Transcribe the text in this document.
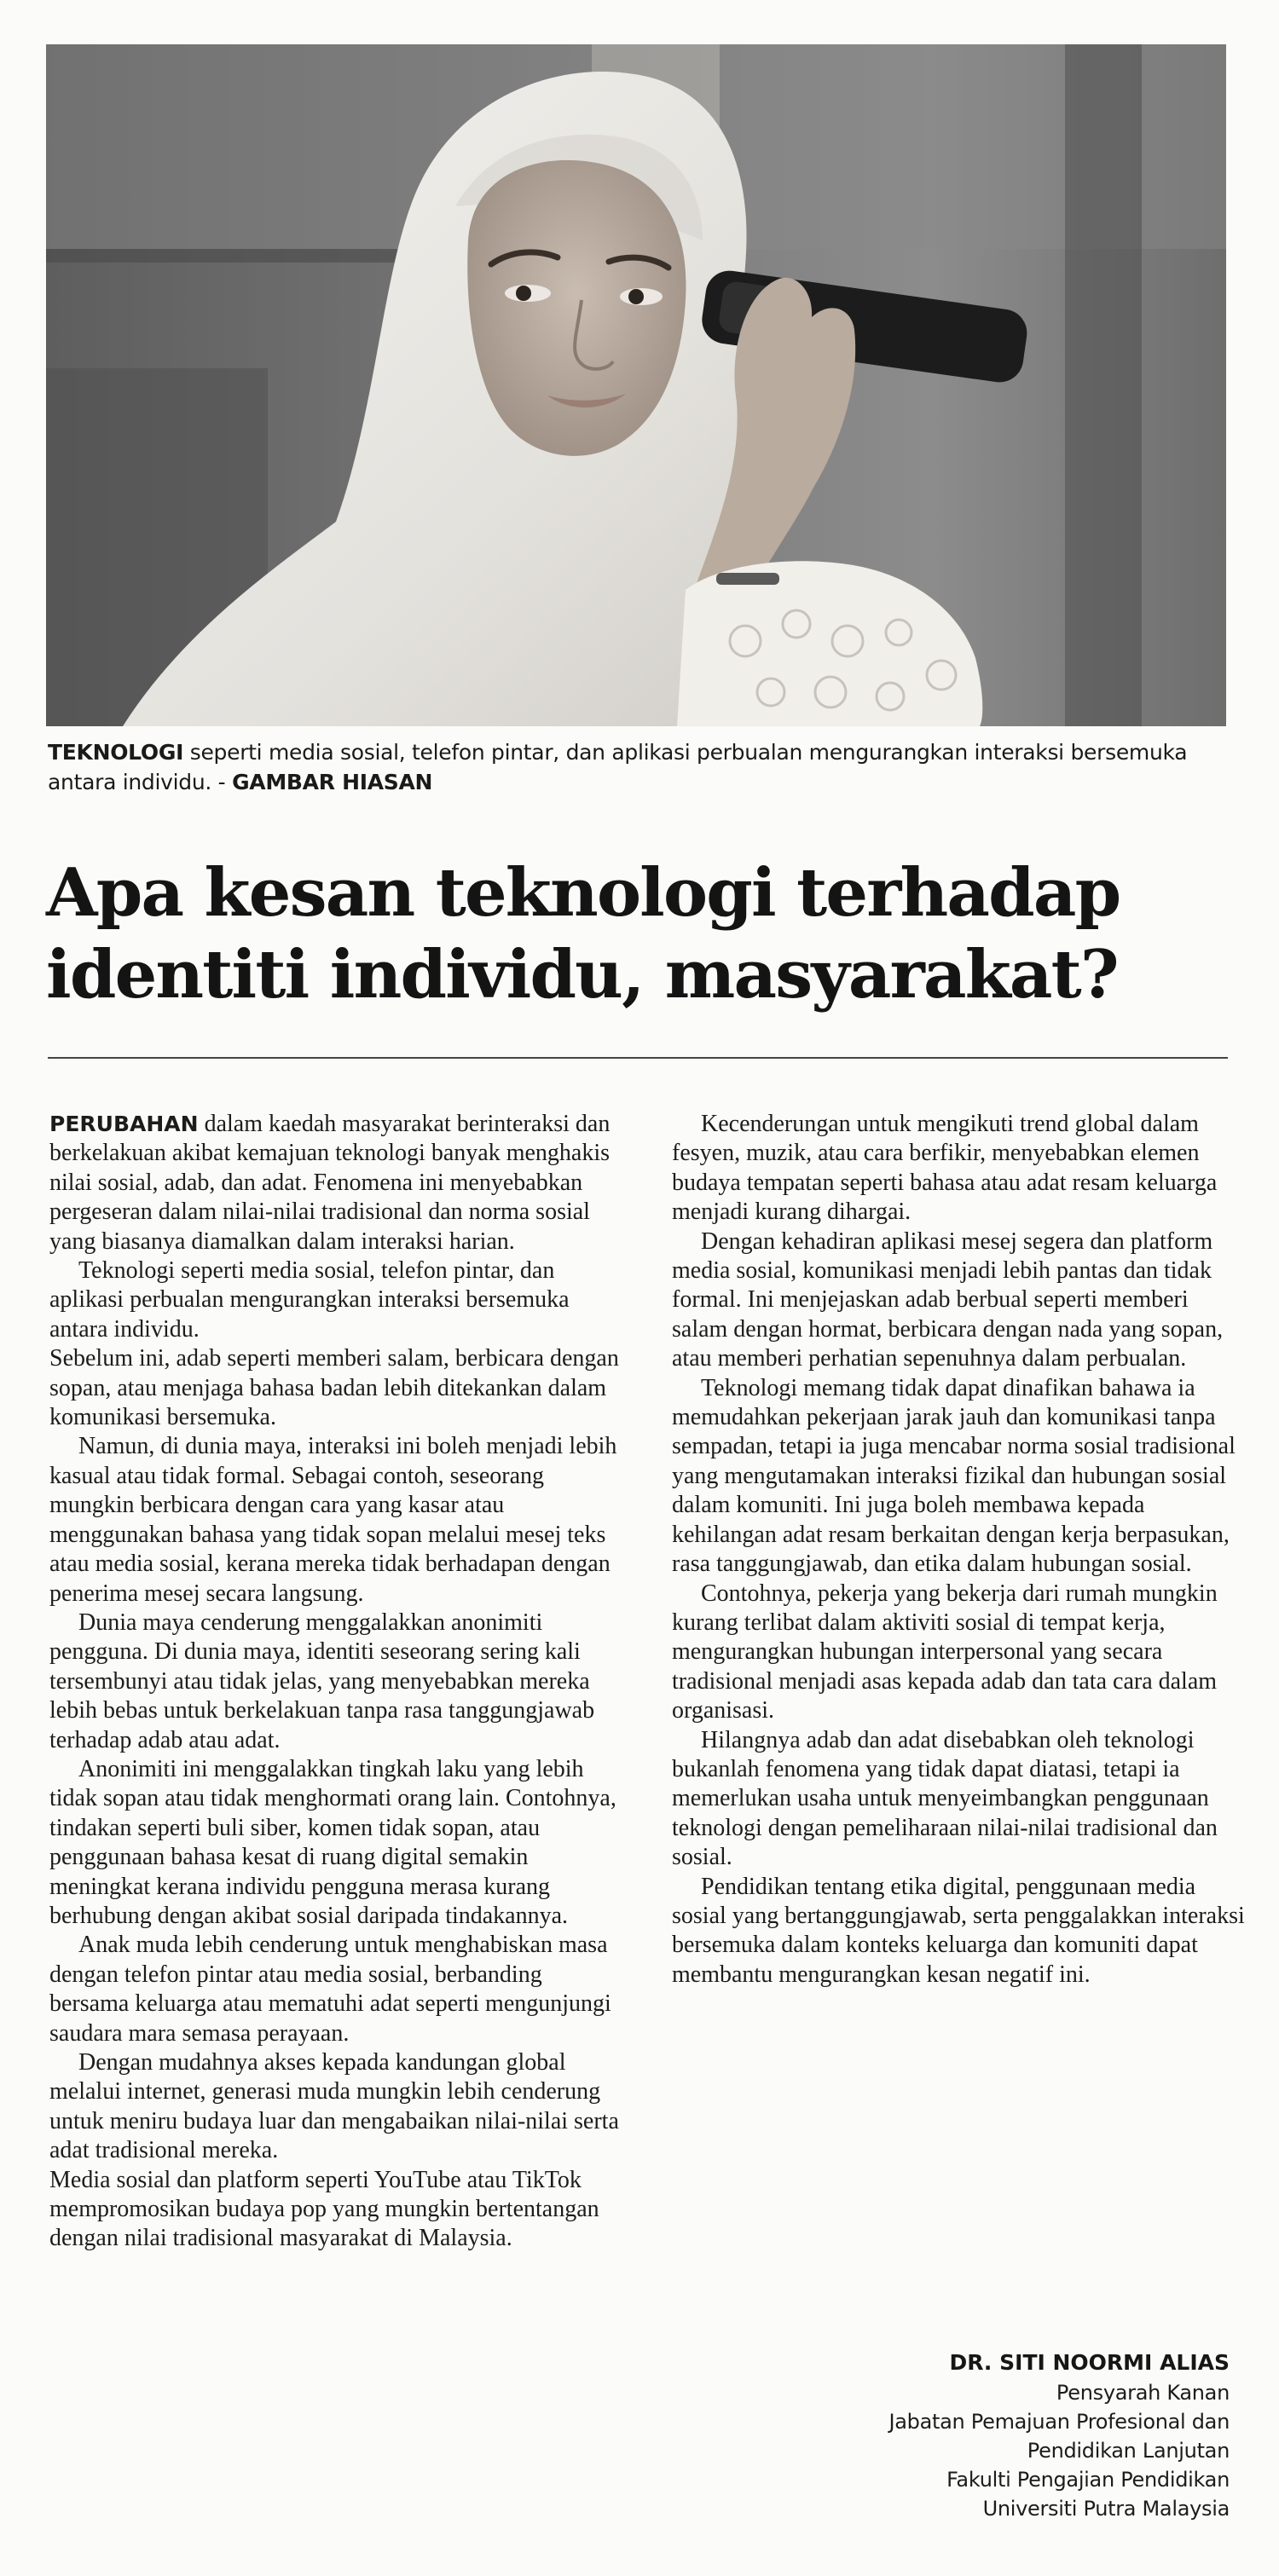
TEKNOLOGI seperti media sosial, telefon pintar, dan aplikasi perbualan mengurangkan interaksi bersemuka antara individu. - GAMBAR HIASAN
Apa kesan teknologi terhadap
identiti individu, masyarakat?

PERUBAHAN dalam kaedah masyarakat berinteraksi dan berkelakuan akibat kemajuan teknologi banyak menghakis nilai sosial, adab, dan adat. Fenomena ini menyebabkan pergeseran dalam nilai-nilai tradisional dan norma sosial yang biasanya diamalkan dalam interaksi harian.

Teknologi seperti media sosial, telefon pintar, dan aplikasi perbualan mengurangkan interaksi bersemuka antara individu.

Sebelum ini, adab seperti memberi salam, berbicara dengan sopan, atau menjaga bahasa badan lebih ditekankan dalam komunikasi bersemuka.

Namun, di dunia maya, interaksi ini boleh menjadi lebih kasual atau tidak formal. Sebagai contoh, seseorang mungkin berbicara dengan cara yang kasar atau menggunakan bahasa yang tidak sopan melalui mesej teks atau media sosial, kerana mereka tidak berhadapan dengan penerima mesej secara langsung.

Dunia maya cenderung menggalakkan anonimiti pengguna. Di dunia maya, identiti seseorang sering kali tersembunyi atau tidak jelas, yang menyebabkan mereka lebih bebas untuk berkelakuan tanpa rasa tanggungjawab terhadap adab atau adat.

Anonimiti ini menggalakkan tingkah laku yang lebih tidak sopan atau tidak menghormati orang lain. Contohnya, tindakan seperti buli siber, komen tidak sopan, atau penggunaan bahasa kesat di ruang digital semakin meningkat kerana individu pengguna merasa kurang berhubung dengan akibat sosial daripada tindakannya.

Anak muda lebih cenderung untuk menghabiskan masa dengan telefon pintar atau media sosial, berbanding bersama keluarga atau mematuhi adat seperti mengunjungi saudara mara semasa perayaan.

Dengan mudahnya akses kepada kandungan global melalui internet, generasi muda mungkin lebih cenderung untuk meniru budaya luar dan mengabaikan nilai-nilai serta adat tradisional mereka.

Media sosial dan platform seperti YouTube atau TikTok mempromosikan budaya pop yang mungkin bertentangan dengan nilai tradisional masyarakat di Malaysia.

Kecenderungan untuk mengikuti trend global dalam fesyen, muzik, atau cara berfikir, menyebabkan elemen budaya tempatan seperti bahasa atau adat resam keluarga menjadi kurang dihargai.

Dengan kehadiran aplikasi mesej segera dan platform media sosial, komunikasi menjadi lebih pantas dan tidak formal. Ini menjejaskan adab berbual seperti memberi salam dengan hormat, berbicara dengan nada yang sopan, atau memberi perhatian sepenuhnya dalam perbualan.

Teknologi memang tidak dapat dinafikan bahawa ia memudahkan pekerjaan jarak jauh dan komunikasi tanpa sempadan, tetapi ia juga mencabar norma sosial tradisional yang mengutamakan interaksi fizikal dan hubungan sosial dalam komuniti. Ini juga boleh membawa kepada kehilangan adat resam berkaitan dengan kerja berpasukan, rasa tanggungjawab, dan etika dalam hubungan sosial.

Contohnya, pekerja yang bekerja dari rumah mungkin kurang terlibat dalam aktiviti sosial di tempat kerja, mengurangkan hubungan interpersonal yang secara tradisional menjadi asas kepada adab dan tata cara dalam organisasi.

Hilangnya adab dan adat disebabkan oleh teknologi bukanlah fenomena yang tidak dapat diatasi, tetapi ia memerlukan usaha untuk menyeimbangkan penggunaan teknologi dengan pemeliharaan nilai-nilai tradisional dan sosial.

Pendidikan tentang etika digital, penggunaan media sosial yang bertanggungjawab, serta penggalakkan interaksi bersemuka dalam konteks keluarga dan komuniti dapat membantu mengurangkan kesan negatif ini.

DR. SITI NOORMI ALIAS
Pensyarah Kanan
Jabatan Pemajuan Profesional dan
Pendidikan Lanjutan
Fakulti Pengajian Pendidikan
Universiti Putra Malaysia
